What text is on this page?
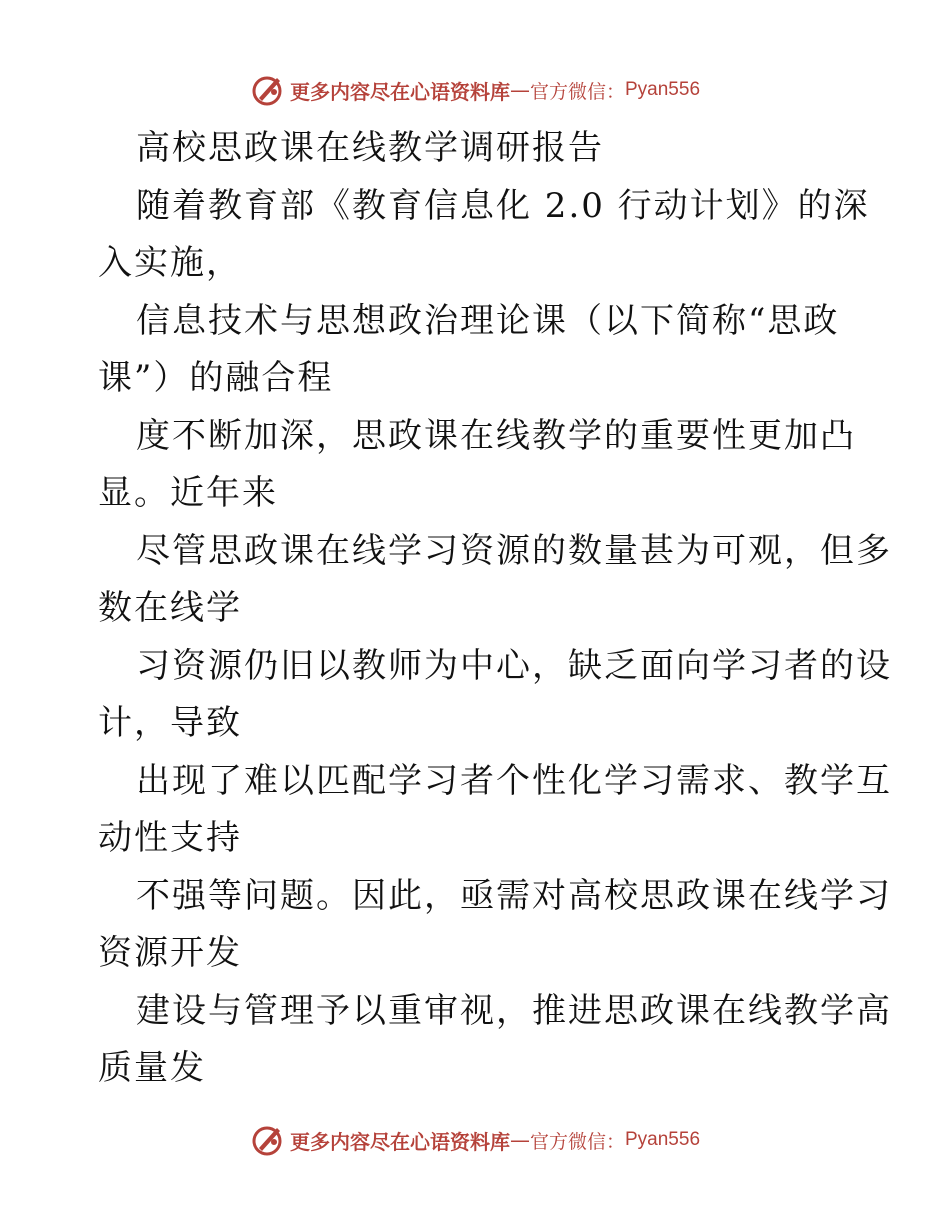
更多内容尽在心语资料库 — 官方微信： Pyan556
高校思政课在线教学调研报告
随着教育部《教育信息化 2.0 行动计划》的深
入实施，
信息技术与思想政治理论课（以下简称“思政
课”）的融合程
度不断加深，思政课在线教学的重要性更加凸
显。近年来
尽管思政课在线学习资源的数量甚为可观，但多
数在线学
习资源仍旧以教师为中心，缺乏面向学习者的设
计，导致
出现了难以匹配学习者个性化学习需求、教学互
动性支持
不强等问题。因此，亟需对高校思政课在线学习
资源开发
建设与管理予以重审视，推进思政课在线教学高
质量发
更多内容尽在心语资料库 — 官方微信： Pyan556
